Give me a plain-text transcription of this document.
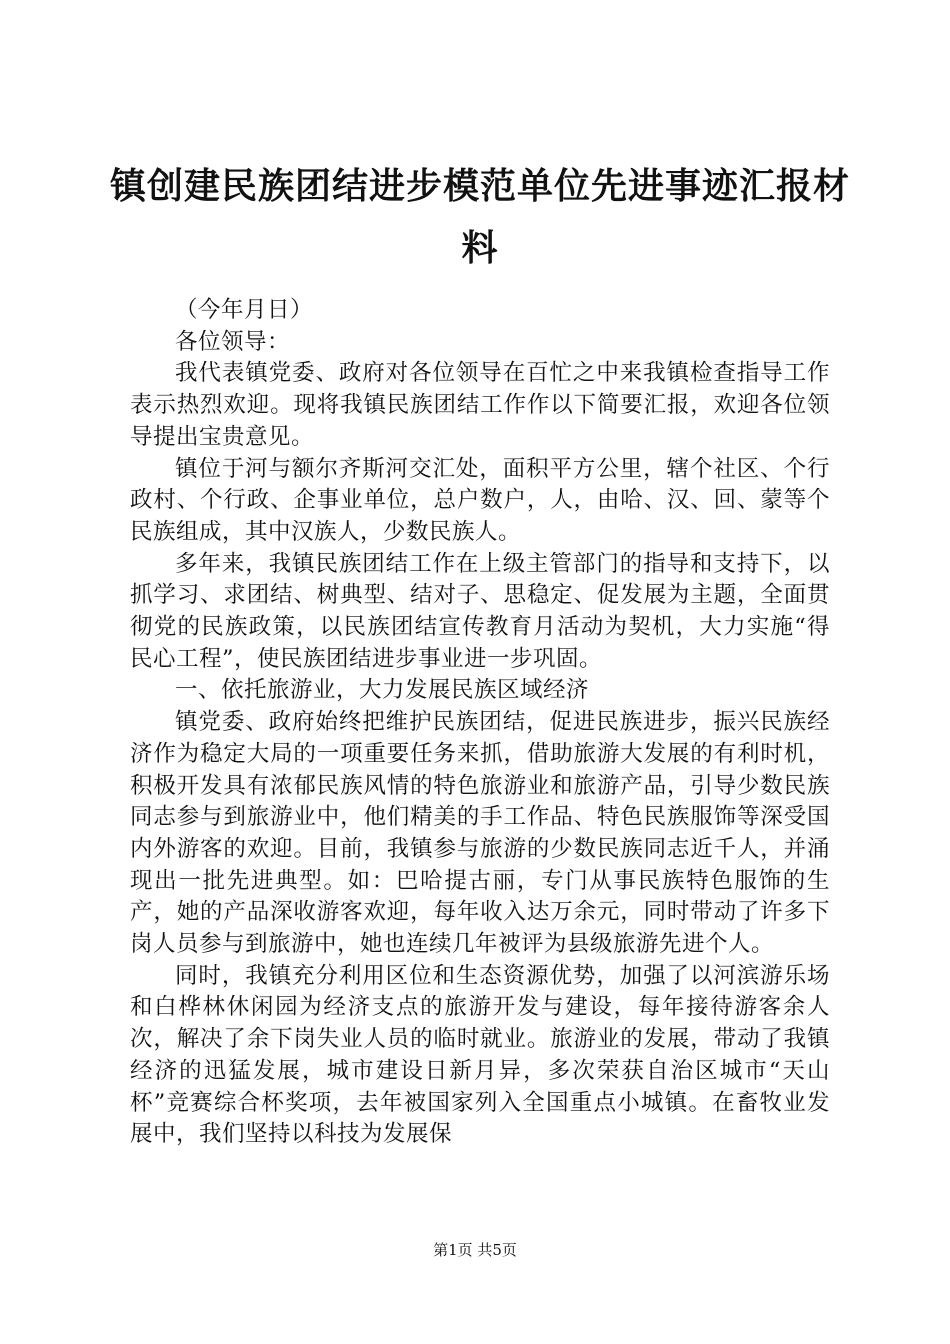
镇创建民族团结进步模范单位先进事迹汇报材料

（今年月日）

各位领导：

我代表镇党委、政府对各位领导在百忙之中来我镇检查指导工作表示热烈欢迎。现将我镇民族团结工作作以下简要汇报，欢迎各位领导提出宝贵意见。

镇位于河与额尔齐斯河交汇处，面积平方公里，辖个社区、个行政村、个行政、企事业单位，总户数户，人，由哈、汉、回、蒙等个民族组成，其中汉族人，少数民族人。

多年来，我镇民族团结工作在上级主管部门的指导和支持下，以抓学习、求团结、树典型、结对子、思稳定、促发展为主题，全面贯彻党的民族政策，以民族团结宣传教育月活动为契机，大力实施“得民心工程”，使民族团结进步事业进一步巩固。

一、依托旅游业，大力发展民族区域经济

镇党委、政府始终把维护民族团结，促进民族进步，振兴民族经济作为稳定大局的一项重要任务来抓，借助旅游大发展的有利时机，积极开发具有浓郁民族风情的特色旅游业和旅游产品，引导少数民族同志参与到旅游业中，他们精美的手工作品、特色民族服饰等深受国内外游客的欢迎。目前，我镇参与旅游的少数民族同志近千人，并涌现出一批先进典型。如：巴哈提古丽，专门从事民族特色服饰的生产，她的产品深收游客欢迎，每年收入达万余元，同时带动了许多下岗人员参与到旅游中，她也连续几年被评为县级旅游先进个人。

同时，我镇充分利用区位和生态资源优势，加强了以河滨游乐场和白桦林休闲园为经济支点的旅游开发与建设，每年接待游客余人次，解决了余下岗失业人员的临时就业。旅游业的发展，带动了我镇经济的迅猛发展，城市建设日新月异，多次荣获自治区城市“天山杯”竞赛综合杯奖项，去年被国家列入全国重点小城镇。在畜牧业发展中，我们坚持以科技为发展保

第1页 共5页
